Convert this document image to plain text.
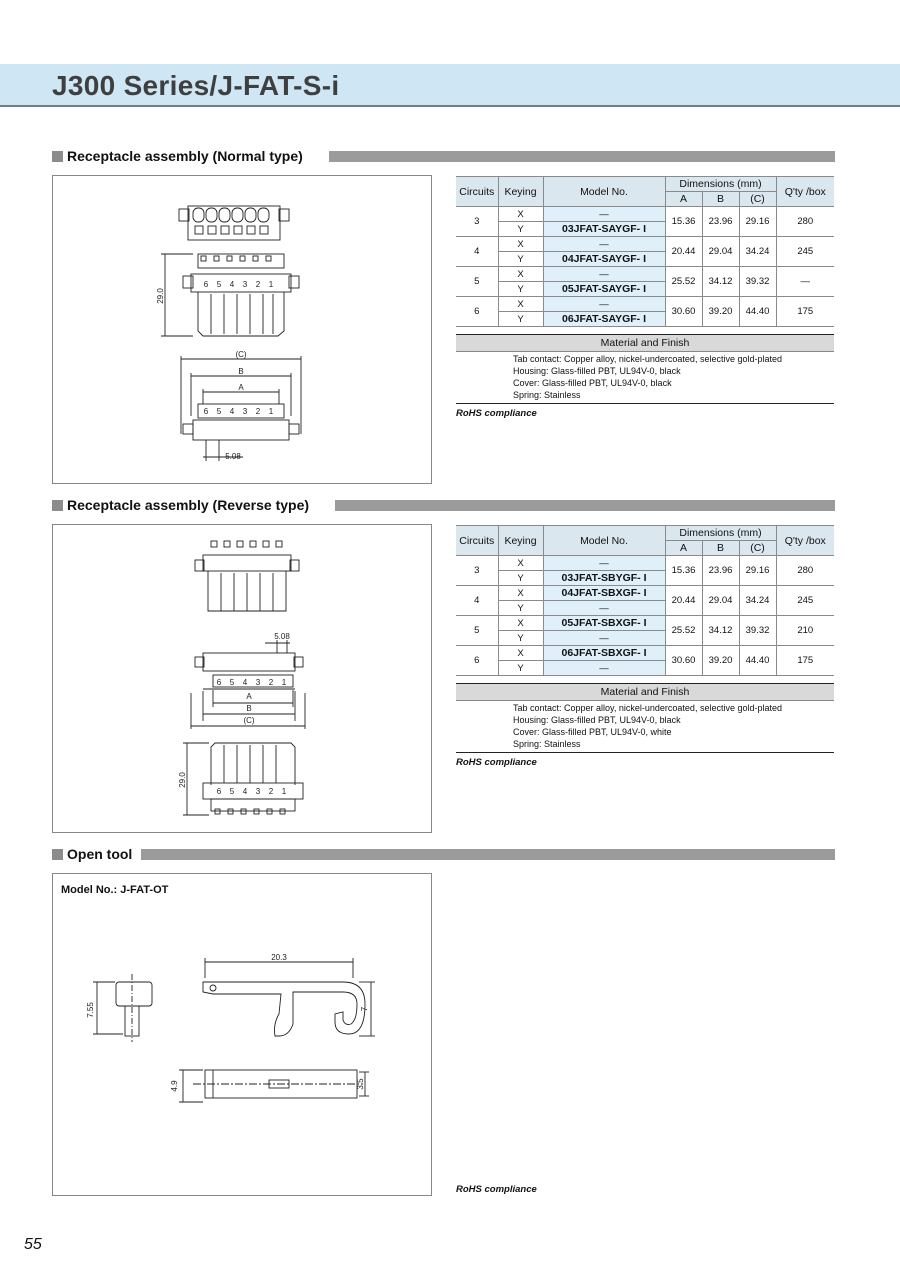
J300 Series/J-FAT-S-i
Receptacle assembly (Normal type)
29.0
(C)
B
A
5.08
6 5 4 3 2 1
6 5 4 3 2 1
Circuits	Keying	Model No.	Dimensions (mm)			Q'ty /box
			A	B	(C)	
3	X	—	15.36	23.96	29.16	280
	Y	03JFAT-SAYGF- I				
4	X	—	20.44	29.04	34.24	245
	Y	04JFAT-SAYGF- I				
5	X	—	25.52	34.12	39.32	—
	Y	05JFAT-SAYGF- I				
6	X	—	30.60	39.20	44.40	175
	Y	06JFAT-SAYGF- I				
Material and Finish
Tab contact: Copper alloy, nickel-undercoated, selective gold-plated
Housing: Glass-filled PBT, UL94V-0, black
Cover: Glass-filled PBT, UL94V-0, black
Spring: Stainless
RoHS compliance
Receptacle assembly (Reverse type)
5.08
A
B
(C)
29.0
6 5 4 3 2 1
6 5 4 3 2 1
Circuits	Keying	Model No.	Dimensions (mm)			Q'ty /box
			A	B	(C)	
3	X	—	15.36	23.96	29.16	280
	Y	03JFAT-SBYGF- I				
4	X	04JFAT-SBXGF- I	20.44	29.04	34.24	245
	Y	—				
5	X	05JFAT-SBXGF- I	25.52	34.12	39.32	210
	Y	—				
6	X	06JFAT-SBXGF- I	30.60	39.20	44.40	175
	Y	—				
Material and Finish
Tab contact: Copper alloy, nickel-undercoated, selective gold-plated
Housing: Glass-filled PBT, UL94V-0, black
Cover: Glass-filled PBT, UL94V-0, white
Spring: Stainless
RoHS compliance
Open tool
Model No.: J-FAT-OT
20.3
7.55	7
4.9	3.5
RoHS compliance
55
